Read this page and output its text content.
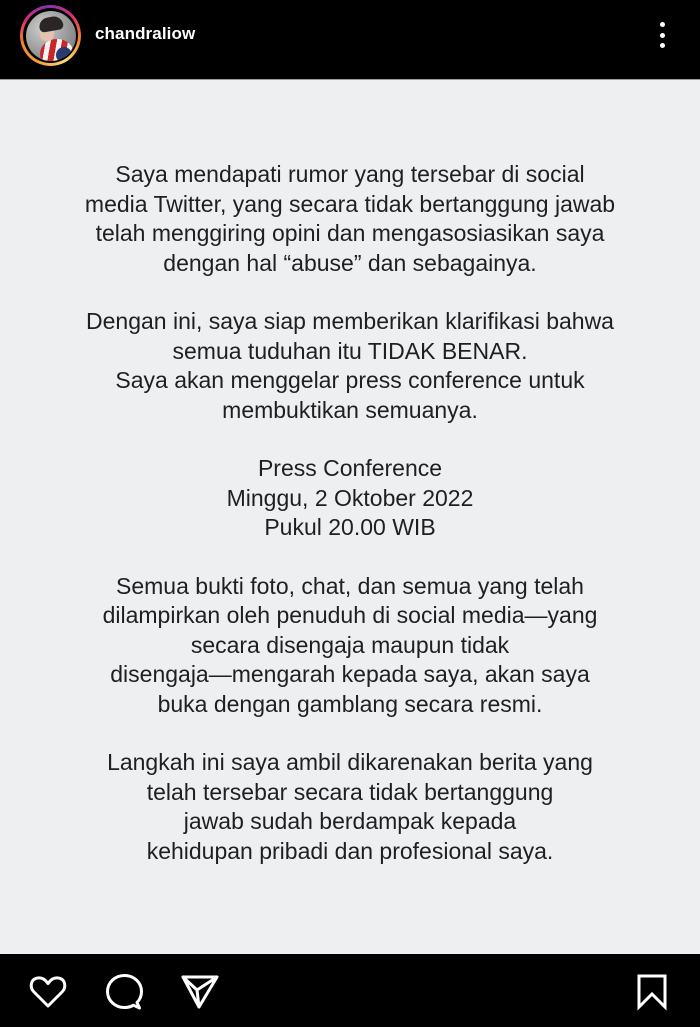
chandraliow
Saya mendapati rumor yang tersebar di social
media Twitter, yang secara tidak bertanggung jawab
telah menggiring opini dan mengasosiasikan saya
dengan hal “abuse” dan sebagainya.
Dengan ini, saya siap memberikan klarifikasi bahwa
semua tuduhan itu TIDAK BENAR.
Saya akan menggelar press conference untuk
membuktikan semuanya.
Press Conference
Minggu, 2 Oktober 2022
Pukul 20.00 WIB
Semua bukti foto, chat, dan semua yang telah
dilampirkan oleh penuduh di social media—yang
secara disengaja maupun tidak
disengaja—mengarah kepada saya, akan saya
buka dengan gamblang secara resmi.
Langkah ini saya ambil dikarenakan berita yang
telah tersebar secara tidak bertanggung
jawab sudah berdampak kepada
kehidupan pribadi dan profesional saya.
